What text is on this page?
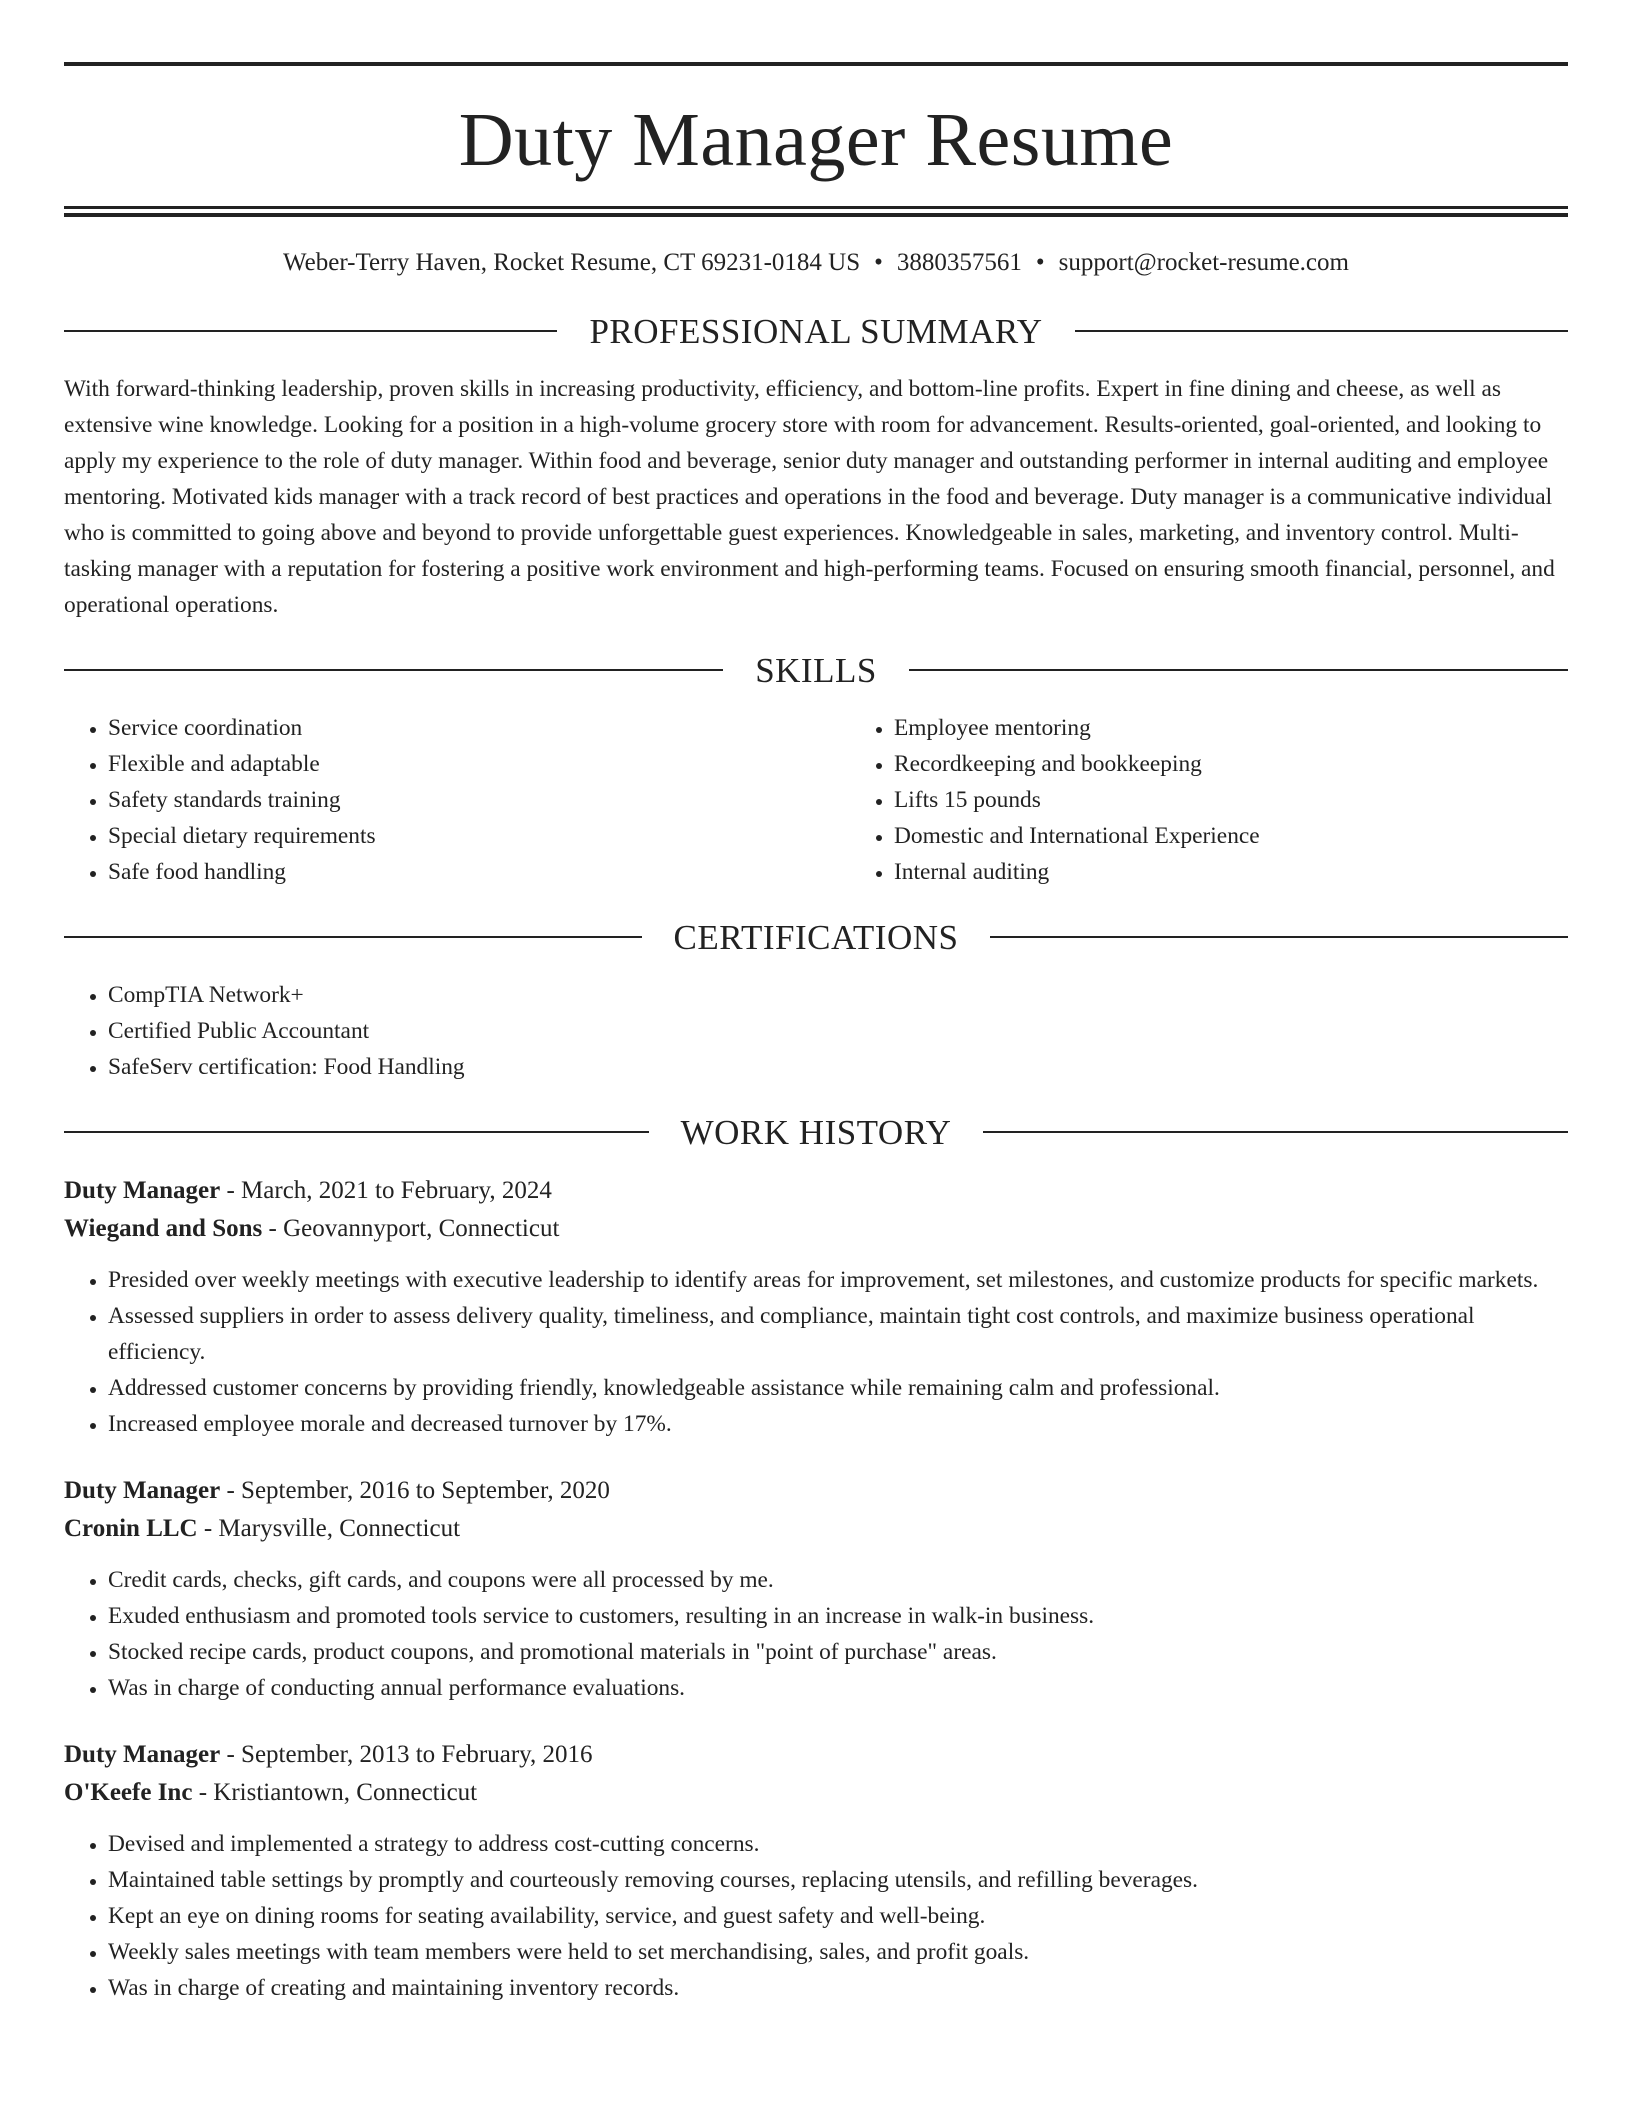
Duty Manager Resume
Weber-Terry Haven, Rocket Resume, CT 69231-0184 US • 3880357561 • support@rocket-resume.com
PROFESSIONAL SUMMARY

With forward-thinking leadership, proven skills in increasing productivity, efficiency, and bottom-line profits. Expert in fine dining and cheese, as well as extensive wine knowledge. Looking for a position in a high-volume grocery store with room for advancement. Results-oriented, goal-oriented, and looking to apply my experience to the role of duty manager. Within food and beverage, senior duty manager and outstanding performer in internal auditing and employee mentoring. Motivated kids manager with a track record of best practices and operations in the food and beverage. Duty manager is a communicative individual who is committed to going above and beyond to provide unforgettable guest experiences. Knowledgeable in sales, marketing, and inventory control. Multi-tasking manager with a reputation for fostering a positive work environment and high-performing teams. Focused on ensuring smooth financial, personnel, and operational operations.

SKILLS
• Service coordination
• Flexible and adaptable
• Safety standards training
• Special dietary requirements
• Safe food handling
• Employee mentoring
• Recordkeeping and bookkeeping
• Lifts 15 pounds
• Domestic and International Experience
• Internal auditing
CERTIFICATIONS
• CompTIA Network+
• Certified Public Accountant
• SafeServ certification: Food Handling
WORK HISTORY
Duty Manager - March, 2021 to February, 2024
Wiegand and Sons - Geovannyport, Connecticut
• Presided over weekly meetings with executive leadership to identify areas for improvement, set milestones, and customize products for specific markets.
• Assessed suppliers in order to assess delivery quality, timeliness, and compliance, maintain tight cost controls, and maximize business operational efficiency.
• Addressed customer concerns by providing friendly, knowledgeable assistance while remaining calm and professional.
• Increased employee morale and decreased turnover by 17%.
Duty Manager - September, 2016 to September, 2020
Cronin LLC - Marysville, Connecticut
• Credit cards, checks, gift cards, and coupons were all processed by me.
• Exuded enthusiasm and promoted tools service to customers, resulting in an increase in walk-in business.
• Stocked recipe cards, product coupons, and promotional materials in "point of purchase" areas.
• Was in charge of conducting annual performance evaluations.
Duty Manager - September, 2013 to February, 2016
O'Keefe Inc - Kristiantown, Connecticut
• Devised and implemented a strategy to address cost-cutting concerns.
• Maintained table settings by promptly and courteously removing courses, replacing utensils, and refilling beverages.
• Kept an eye on dining rooms for seating availability, service, and guest safety and well-being.
• Weekly sales meetings with team members were held to set merchandising, sales, and profit goals.
• Was in charge of creating and maintaining inventory records.
